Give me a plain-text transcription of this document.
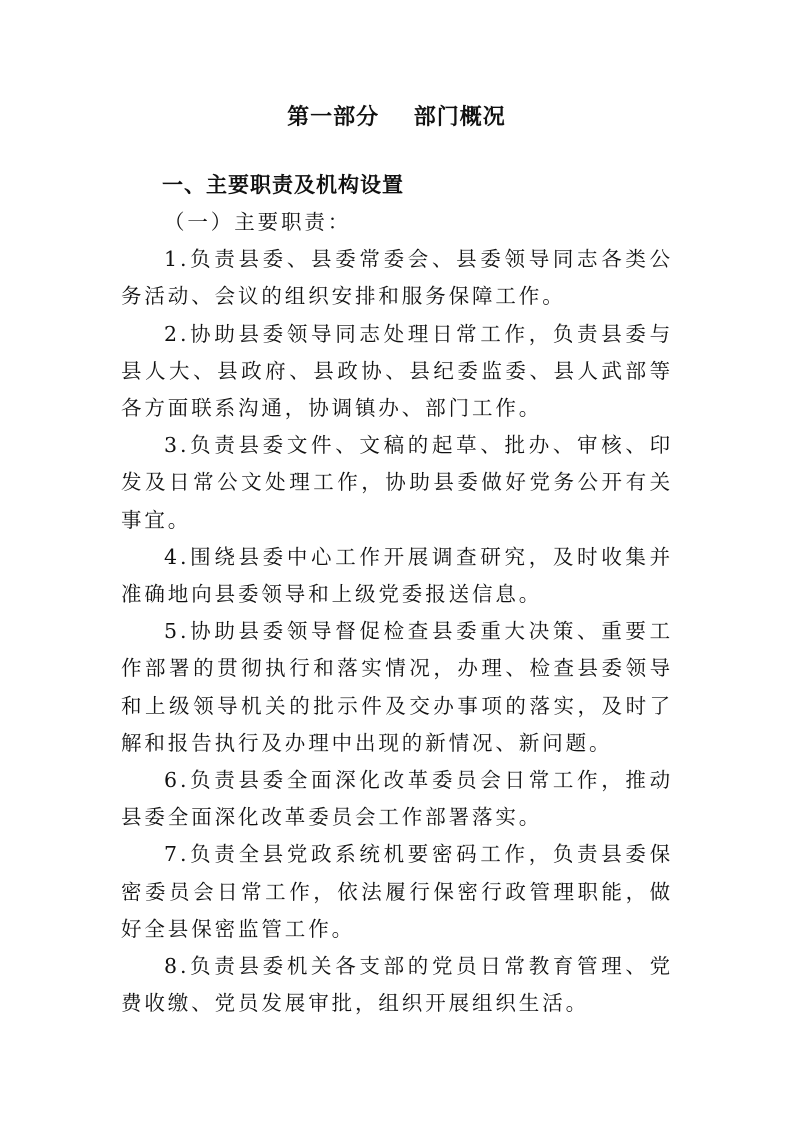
第一部分    部门概况
一、主要职责及机构设置

（一）主要职责：

1.负责县委、县委常委会、县委领导同志各类公务活动、会议的组织安排和服务保障工作。

2.协助县委领导同志处理日常工作，负责县委与县人大、县政府、县政协、县纪委监委、县人武部等各方面联系沟通，协调镇办、部门工作。

3.负责县委文件、文稿的起草、批办、审核、印发及日常公文处理工作，协助县委做好党务公开有关事宜。

4.围绕县委中心工作开展调查研究，及时收集并准确地向县委领导和上级党委报送信息。

5.协助县委领导督促检查县委重大决策、重要工作部署的贯彻执行和落实情况，办理、检查县委领导和上级领导机关的批示件及交办事项的落实，及时了解和报告执行及办理中出现的新情况、新问题。

6.负责县委全面深化改革委员会日常工作，推动县委全面深化改革委员会工作部署落实。

7.负责全县党政系统机要密码工作，负责县委保密委员会日常工作，依法履行保密行政管理职能，做好全县保密监管工作。

8.负责县委机关各支部的党员日常教育管理、党费收缴、党员发展审批，组织开展组织生活。
